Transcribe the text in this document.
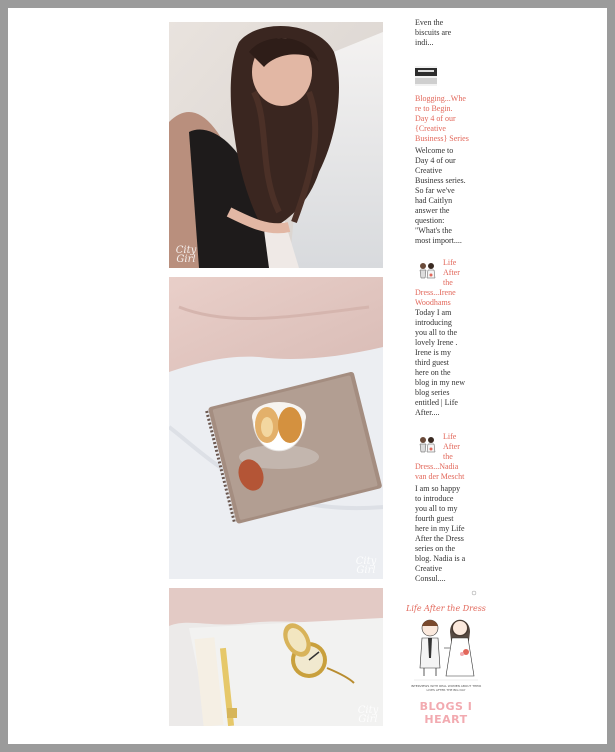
City
Girl
City
Girl
City
Girl
Even the
biscuits are
indi...
Blogging...Whe
re to Begin.
Day 4 of our
{Creative
Business} Series
Welcome to
Day 4 of our
Creative
Business series.
So far we've
had Caitlyn
answer the
question:
"What's the
most import....
Life
After
the
Dress...Irene
Woodhams
Today I am
introducing
you all to the
lovely Irene .
Irene is my
third guest
here on the
blog in my new
blog series
entitled | Life
After....
Life
After
the
Dress...Nadia
van der Mescht
I am so happy
to introduce
you all to my
fourth guest
here in my Life
After the Dress
series on the
blog. Nadia is a
Creative
Consul....
Life After the Dress
INTERVIEWS WITH REAL WOMEN ABOUT THEIR LIVES AFTER THE BIG DAY
BLOGS I HEART
